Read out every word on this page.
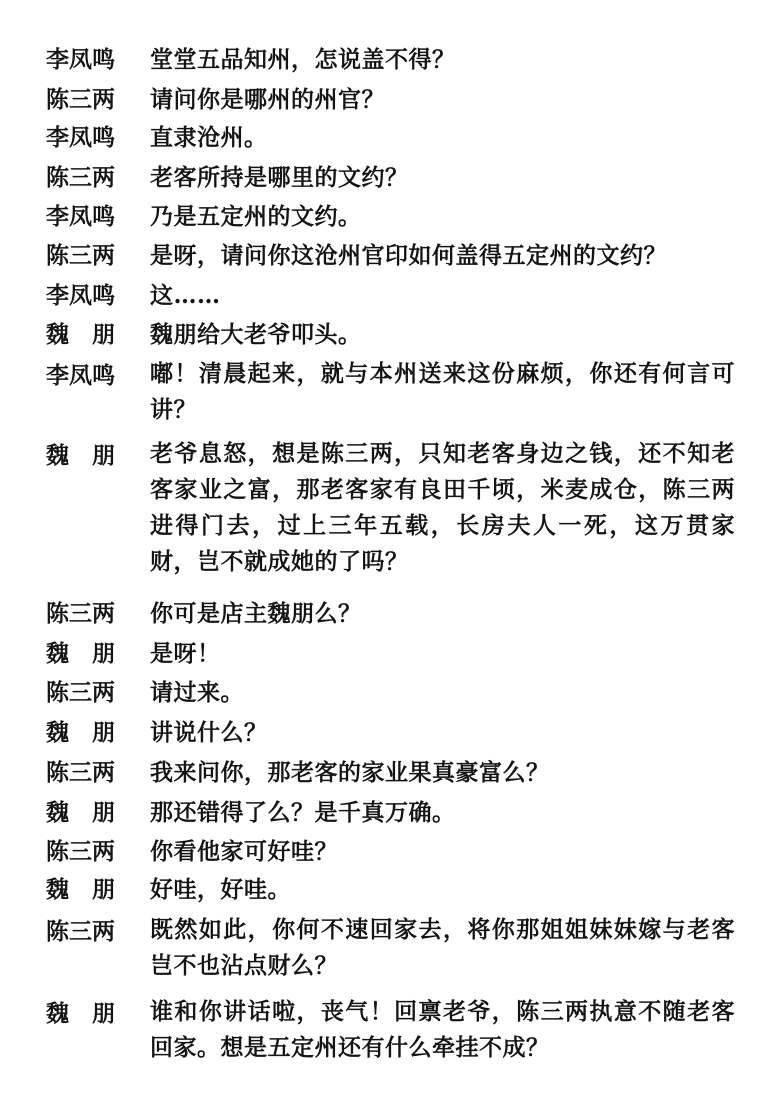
李凤鸣	堂堂五品知州，怎说盖不得？
陈三两	请问你是哪州的州官？
李凤鸣	直隶沧州。
陈三两	老客所持是哪里的文约？
李凤鸣	乃是五定州的文约。
陈三两	是呀，请问你这沧州官印如何盖得五定州的文约？
李凤鸣	这……
魏　朋	魏朋给大老爷叩头。
李凤鸣	嘟！清晨起来，就与本州送来这份麻烦，你还有何言可讲？
魏　朋	老爷息怒，想是陈三两，只知老客身边之钱，还不知老客家业之富，那老客家有良田千顷，米麦成仓，陈三两进得门去，过上三年五载，长房夫人一死，这万贯家财，岂不就成她的了吗？
陈三两	你可是店主魏朋么？
魏　朋	是呀！
陈三两	请过来。
魏　朋	讲说什么？
陈三两	我来问你，那老客的家业果真豪富么？
魏　朋	那还错得了么？是千真万确。
陈三两	你看他家可好哇？
魏　朋	好哇，好哇。
陈三两	既然如此，你何不速回家去，将你那姐姐妹妹嫁与老客岂不也沾点财么？
魏　朋	谁和你讲话啦，丧气！回禀老爷，陈三两执意不随老客回家。想是五定州还有什么牵挂不成？
